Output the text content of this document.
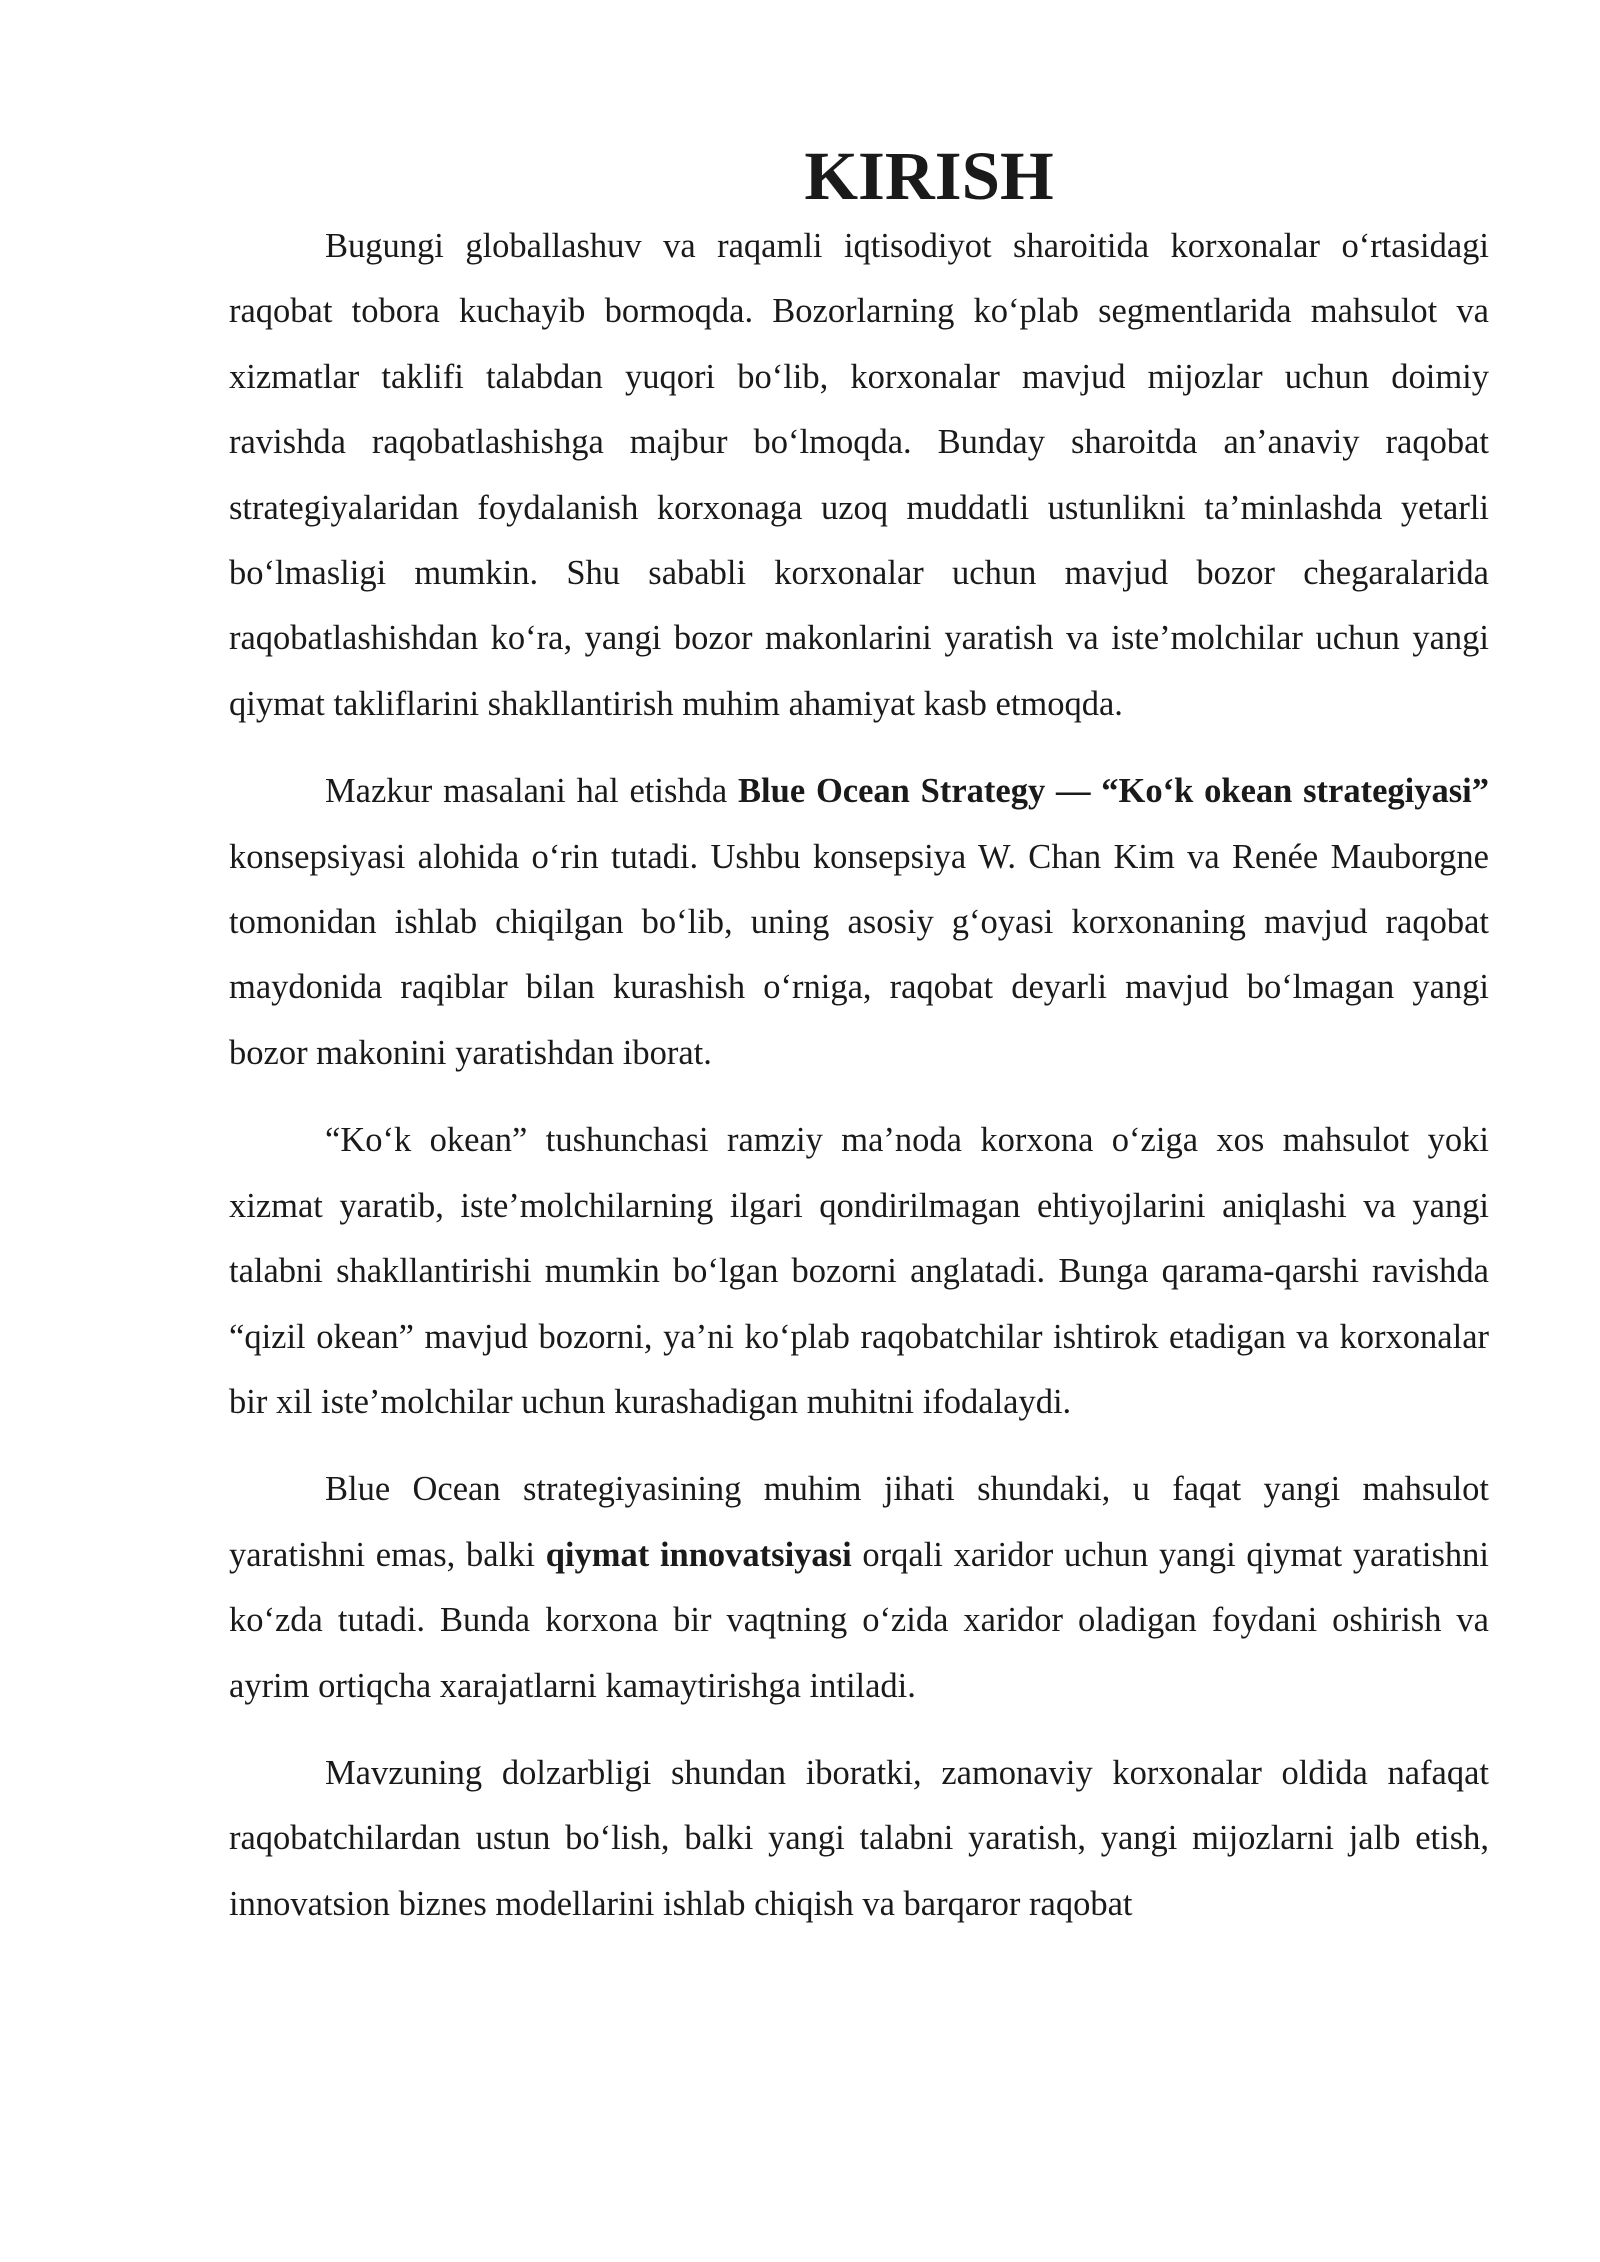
KIRISH

Bugungi globallashuv va raqamli iqtisodiyot sharoitida korxonalar o‘rtasidagi raqobat tobora kuchayib bormoqda. Bozorlarning ko‘plab segmentlarida mahsulot va xizmatlar taklifi talabdan yuqori bo‘lib, korxonalar mavjud mijozlar uchun doimiy ravishda raqobatlashishga majbur bo‘lmoqda. Bunday sharoitda an’anaviy raqobat strategiyalaridan foydalanish korxonaga uzoq muddatli ustunlikni ta’minlashda yetarli bo‘lmasligi mumkin. Shu sababli korxonalar uchun mavjud bozor chegaralarida raqobatlashishdan ko‘ra, yangi bozor makonlarini yaratish va iste’molchilar uchun yangi qiymat takliflarini shakllantirish muhim ahamiyat kasb etmoqda.

Mazkur masalani hal etishda Blue Ocean Strategy — “Ko‘k okean strategiyasi” konsepsiyasi alohida o‘rin tutadi. Ushbu konsepsiya W. Chan Kim va Renée Mauborgne tomonidan ishlab chiqilgan bo‘lib, uning asosiy g‘oyasi korxonaning mavjud raqobat maydonida raqiblar bilan kurashish o‘rniga, raqobat deyarli mavjud bo‘lmagan yangi bozor makonini yaratishdan iborat.

“Ko‘k okean” tushunchasi ramziy ma’noda korxona o‘ziga xos mahsulot yoki xizmat yaratib, iste’molchilarning ilgari qondirilmagan ehtiyojlarini aniqlashi va yangi talabni shakllantirishi mumkin bo‘lgan bozorni anglatadi. Bunga qarama-qarshi ravishda “qizil okean” mavjud bozorni, ya’ni ko‘plab raqobatchilar ishtirok etadigan va korxonalar bir xil iste’molchilar uchun kurashadigan muhitni ifodalaydi.

Blue Ocean strategiyasining muhim jihati shundaki, u faqat yangi mahsulot yaratishni emas, balki qiymat innovatsiyasi orqali xaridor uchun yangi qiymat yaratishni ko‘zda tutadi. Bunda korxona bir vaqtning o‘zida xaridor oladigan foydani oshirish va ayrim ortiqcha xarajatlarni kamaytirishga intiladi.

Mavzuning dolzarbligi shundan iboratki, zamonaviy korxonalar oldida nafaqat raqobatchilardan ustun bo‘lish, balki yangi talabni yaratish, yangi mijozlarni jalb etish, innovatsion biznes modellarini ishlab chiqish va barqaror raqobat
